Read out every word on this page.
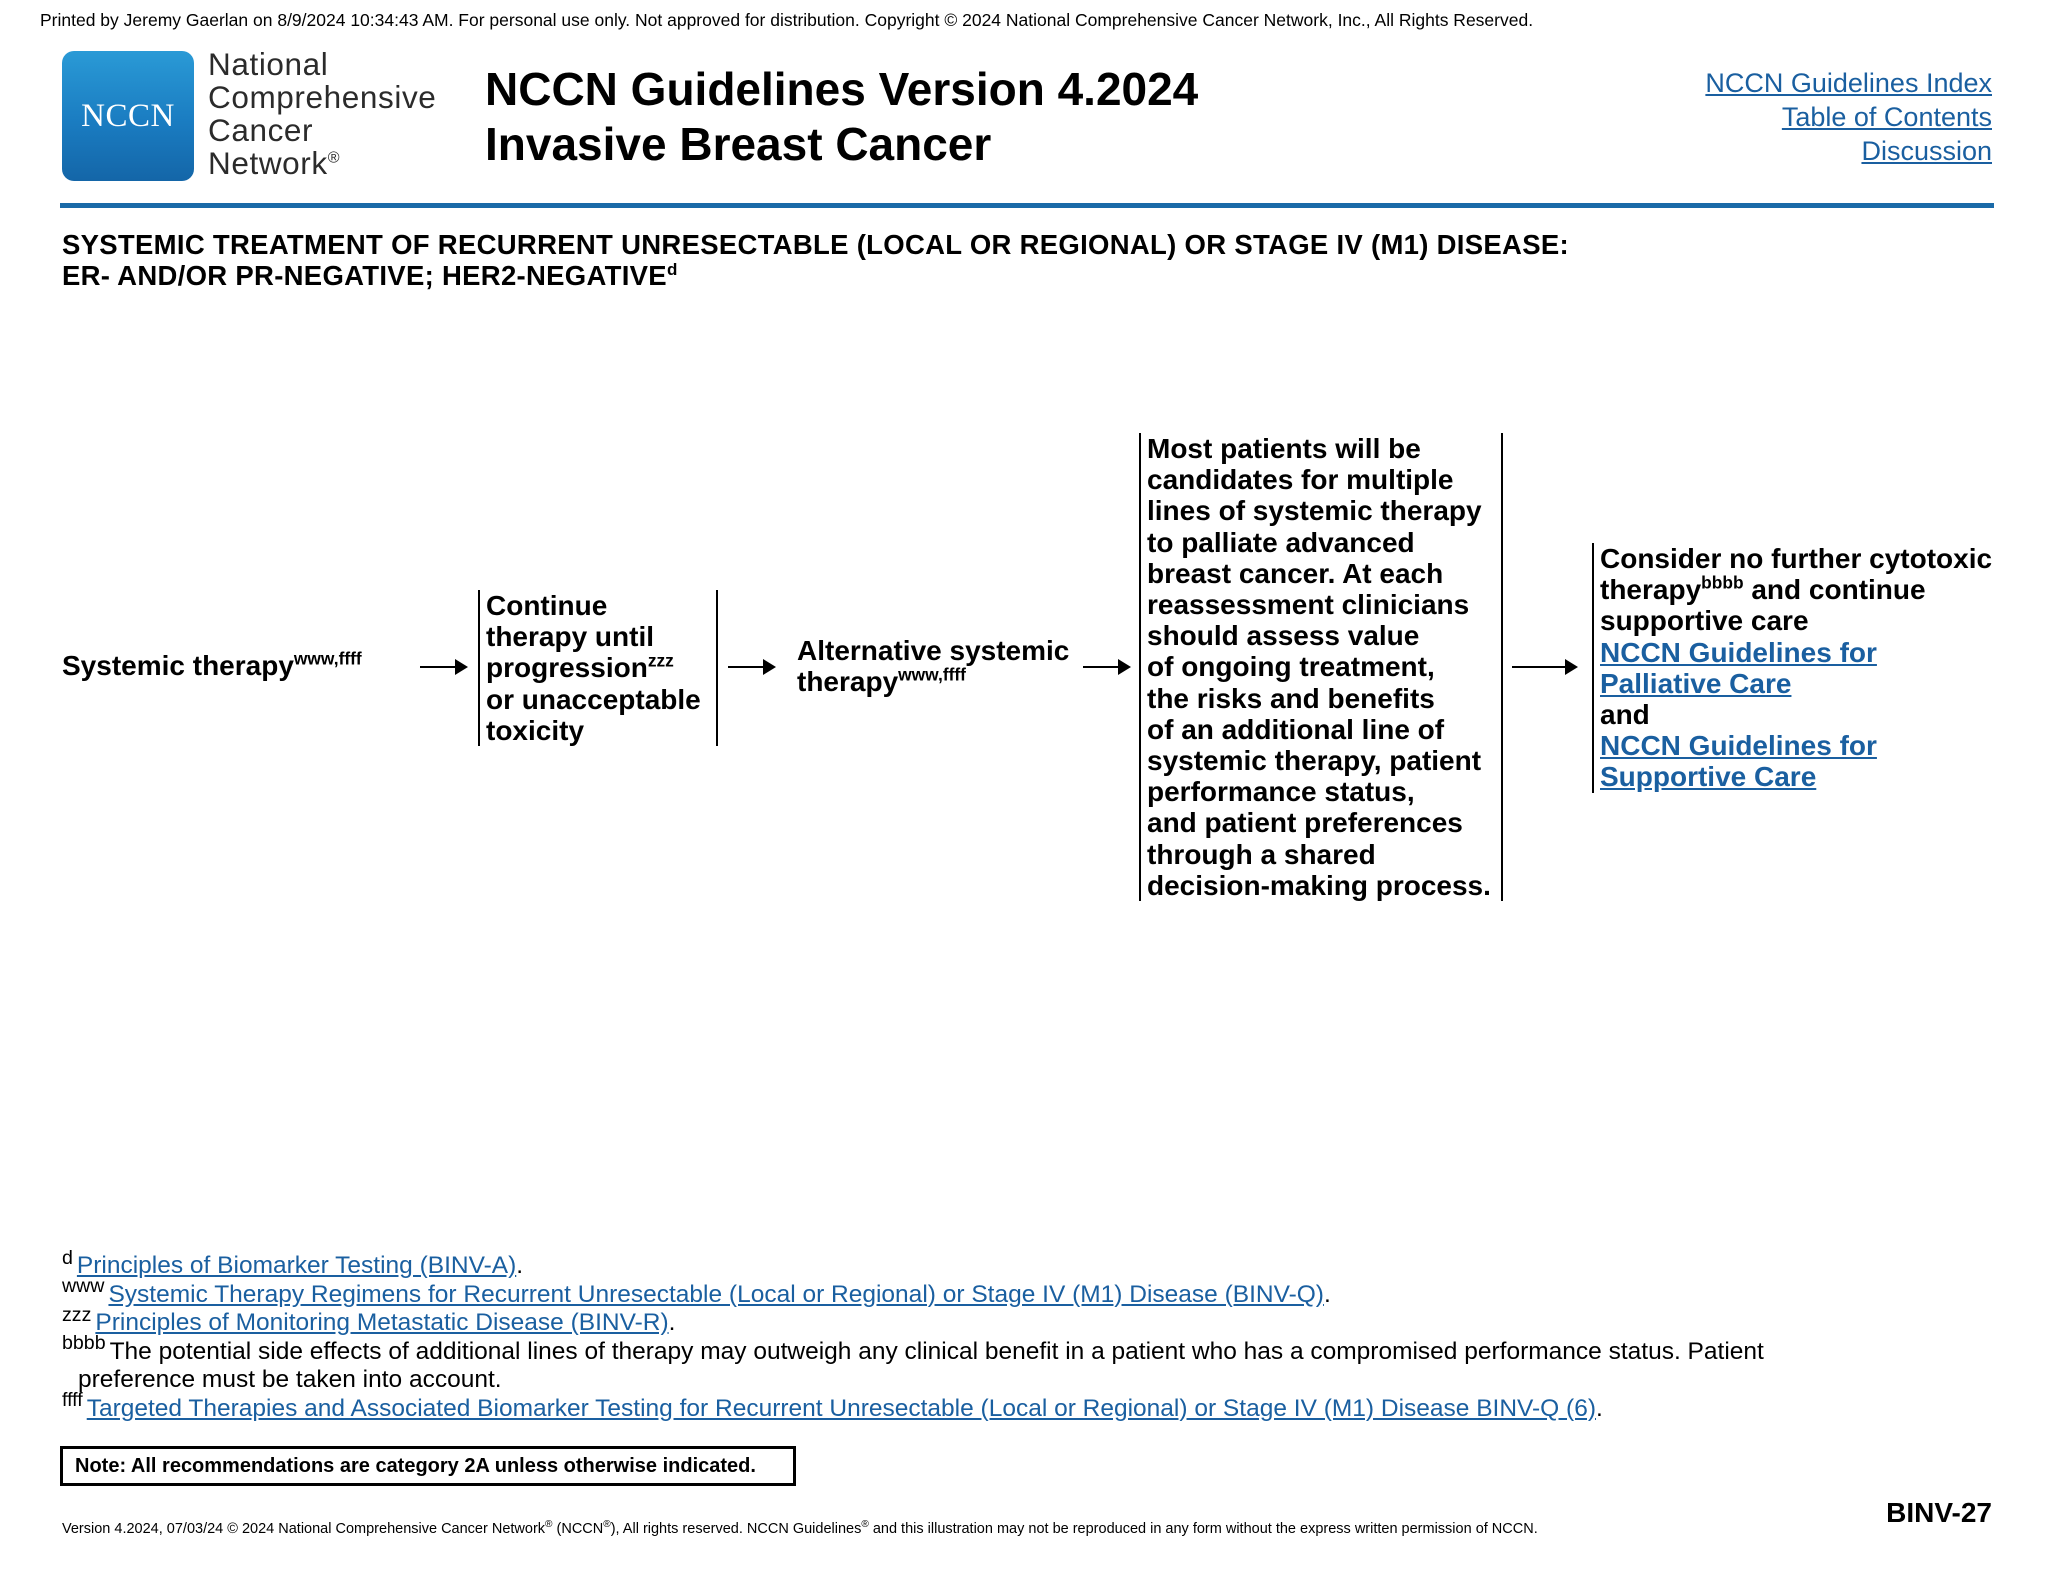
Printed by Jeremy Gaerlan on 8/9/2024 10:34:43 AM. For personal use only. Not approved for distribution. Copyright © 2024 National Comprehensive Cancer Network, Inc., All Rights Reserved.
NCCN
National
Comprehensive
Cancer
Network®
NCCN Guidelines Version 4.2024
Invasive Breast Cancer
NCCN Guidelines Index
Table of Contents
Discussion
SYSTEMIC TREATMENT OF RECURRENT UNRESECTABLE (LOCAL OR REGIONAL) OR STAGE IV (M1) DISEASE:
ER- AND/OR PR-NEGATIVE; HER2-NEGATIVE$^d$
Systemic therapy$^{www,ffff}$
Continue
therapy until
progression$^{zzz}$
or unacceptable
toxicity
Alternative systemic
therapy$^{www,ffff}$
Most patients will be
candidates for multiple
lines of systemic therapy
to palliate advanced
breast cancer. At each
reassessment clinicians
should assess value
of ongoing treatment,
the risks and benefits
of an additional line of
systemic therapy, patient
performance status,
and patient preferences
through a shared
decision-making process.
Consider no further cytotoxic
therapy$^{bbbb}$ and continue
supportive care
NCCN Guidelines for
Palliative Care
and
NCCN Guidelines for
Supportive Care

$^d$ Principles of Biomarker Testing (BINV-A).

$^{www}$ Systemic Therapy Regimens for Recurrent Unresectable (Local or Regional) or Stage IV (M1) Disease (BINV-Q).

$^{zzz}$ Principles of Monitoring Metastatic Disease (BINV-R).

$^{bbbb}$ The potential side effects of additional lines of therapy may outweigh any clinical benefit in a patient who has a compromised performance status. Patient
preference must be taken into account.

$^{ffff}$ Targeted Therapies and Associated Biomarker Testing for Recurrent Unresectable (Local or Regional) or Stage IV (M1) Disease BINV-Q (6).

Note: All recommendations are category 2A unless otherwise indicated.
BINV-27
Version 4.2024, 07/03/24 © 2024 National Comprehensive Cancer Network® (NCCN®), All rights reserved. NCCN Guidelines® and this illustration may not be reproduced in any form without the express written permission of NCCN.
